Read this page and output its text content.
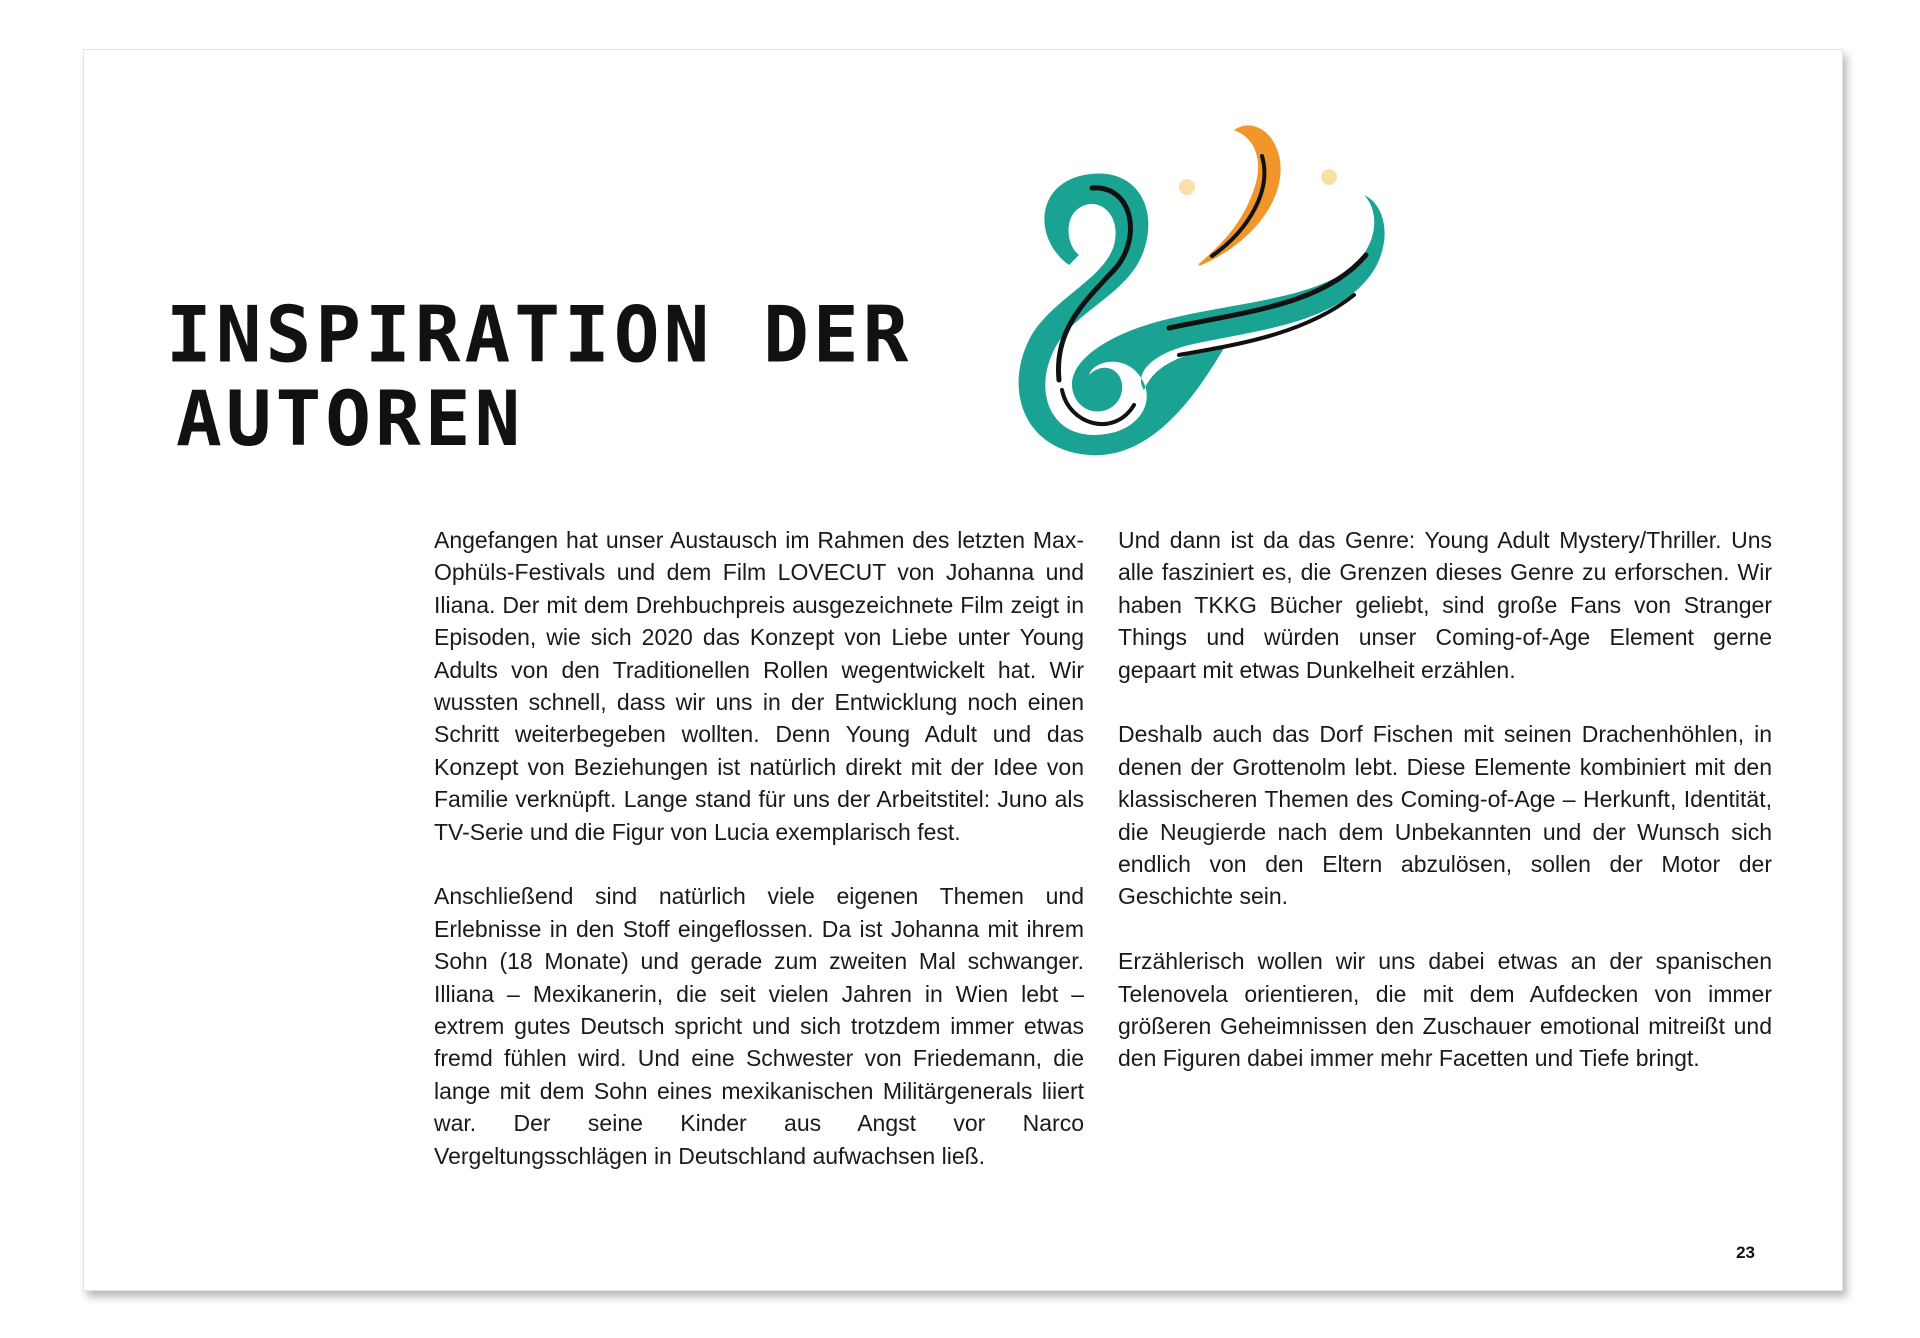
INSPIRATION DER
AUTOREN

Angefangen hat unser Austausch im Rahmen des letzten Max-Ophüls-Festivals und dem Film LOVECUT von Johanna und Iliana. Der mit dem Drehbuchpreis ausgezeichnete Film zeigt in Episoden, wie sich 2020 das Konzept von Liebe unter Young Adults von den Traditionellen Rollen wegentwickelt hat. Wir wussten schnell, dass wir uns in der Entwicklung noch einen Schritt weiterbegeben wollten. Denn Young Adult und das Konzept von Beziehungen ist natürlich direkt mit der Idee von Familie verknüpft. Lange stand für uns der Arbeitstitel: Juno als TV-Serie und die Figur von Lucia exemplarisch fest.

Anschließend sind natürlich viele eigenen Themen und Erlebnisse in den Stoff eingeflossen. Da ist Johanna mit ihrem Sohn (18 Monate) und gerade zum zweiten Mal schwanger. Illiana – Mexikanerin, die seit vielen Jahren in Wien lebt – extrem gutes Deutsch spricht und sich trotzdem immer etwas fremd fühlen wird. Und eine Schwester von Friedemann, die lange mit dem Sohn eines mexikanischen Militärgenerals liiert war. Der seine Kinder aus Angst vor Narco Vergeltungsschlägen in Deutschland aufwachsen ließ.

Und dann ist da das Genre: Young Adult Mystery/Thriller. Uns alle fasziniert es, die Grenzen dieses Genre zu erforschen. Wir haben TKKG Bücher geliebt, sind große Fans von Stranger Things und würden unser Coming-of-Age Element gerne gepaart mit etwas Dunkelheit erzählen.

Deshalb auch das Dorf Fischen mit seinen Drachenhöhlen, in denen der Grottenolm lebt. Diese Elemente kombiniert mit den klassischeren Themen des Coming-of-Age – Herkunft, Identität, die Neugierde nach dem Unbekannten und der Wunsch sich endlich von den Eltern abzulösen, sollen der Motor der Geschichte sein.

Erzählerisch wollen wir uns dabei etwas an der spanischen Telenovela orientieren, die mit dem Aufdecken von immer größeren Geheimnissen den Zuschauer emotional mitreißt und den Figuren dabei immer mehr Facetten und Tiefe bringt.

23
